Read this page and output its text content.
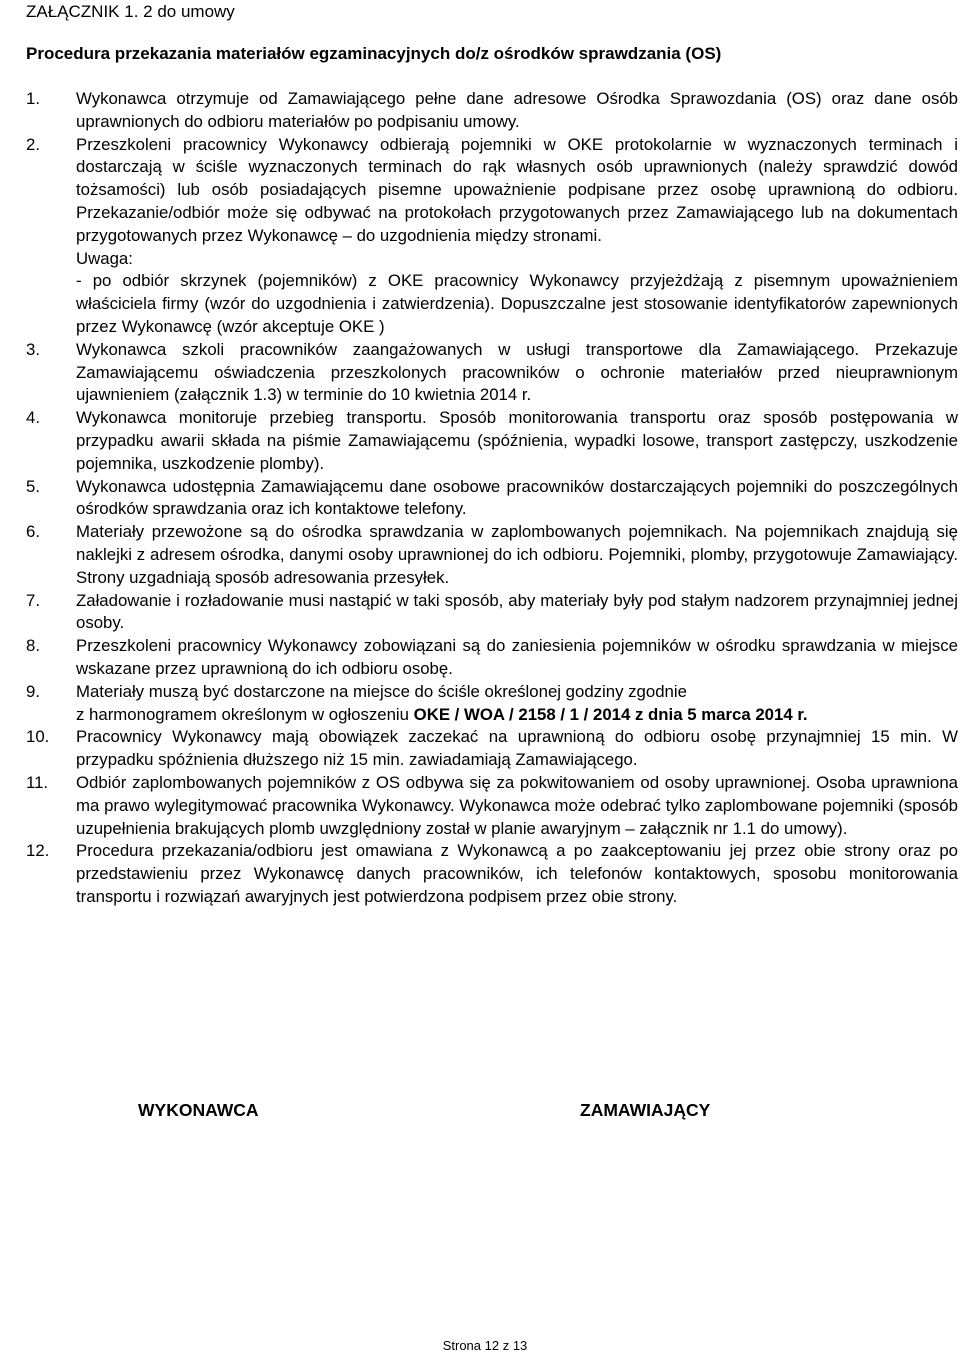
ZAŁĄCZNIK 1. 2 do umowy
Procedura przekazania materiałów egzaminacyjnych do/z ośrodków sprawdzania (OS)
1.	Wykonawca otrzymuje od Zamawiającego pełne dane adresowe Ośrodka Sprawozdania (OS) oraz dane osób uprawnionych do odbioru materiałów po podpisaniu umowy.

2.	Przeszkoleni pracownicy Wykonawcy odbierają pojemniki w OKE protokolarnie w wyznaczonych terminach i dostarczają w ściśle wyznaczonych terminach do rąk własnych osób uprawnionych (należy sprawdzić dowód tożsamości) lub osób posiadających pisemne upoważnienie podpisane przez osobę uprawnioną do odbioru. Przekazanie/odbiór może się odbywać na protokołach przygotowanych przez Zamawiającego lub na dokumentach przygotowanych przez Wykonawcę – do uzgodnienia między stronami.

Uwaga:

- po odbiór skrzynek (pojemników) z OKE pracownicy Wykonawcy przyjeżdżają z pisemnym upoważnieniem właściciela firmy (wzór do uzgodnienia i zatwierdzenia). Dopuszczalne jest stosowanie identyfikatorów zapewnionych przez Wykonawcę (wzór akceptuje OKE )

3.	Wykonawca szkoli pracowników zaangażowanych w usługi transportowe dla Zamawiającego. Przekazuje Zamawiającemu oświadczenia przeszkolonych pracowników o ochronie materiałów przed nieuprawnionym ujawnieniem (załącznik 1.3) w terminie do 10 kwietnia 2014 r.

4.	Wykonawca monitoruje przebieg transportu. Sposób monitorowania transportu oraz sposób postępowania w przypadku awarii składa na piśmie Zamawiającemu (spóźnienia, wypadki losowe, transport zastępczy, uszkodzenie pojemnika, uszkodzenie plomby).

5.	Wykonawca udostępnia Zamawiającemu dane osobowe pracowników dostarczających pojemniki do poszczególnych ośrodków sprawdzania oraz ich kontaktowe telefony.

6.	Materiały przewożone są do ośrodka sprawdzania w zaplombowanych pojemnikach. Na pojemnikach znajdują się naklejki z adresem ośrodka, danymi osoby uprawnionej do ich odbioru. Pojemniki, plomby, przygotowuje Zamawiający. Strony uzgadniają sposób adresowania przesyłek.

7.	Załadowanie i rozładowanie musi nastąpić w taki sposób, aby materiały były pod stałym nadzorem przynajmniej jednej osoby.

8.	Przeszkoleni pracownicy Wykonawcy zobowiązani są do zaniesienia pojemników w ośrodku sprawdzania w miejsce wskazane przez uprawnioną do ich odbioru osobę.

9.	Materiały muszą być dostarczone na miejsce do ściśle określonej godziny zgodnie

z harmonogramem określonym w ogłoszeniu OKE / WOA / 2158 / 1 / 2014 z dnia 5 marca 2014 r.

10.	Pracownicy Wykonawcy mają obowiązek zaczekać na uprawnioną do odbioru osobę przynajmniej 15 min. W przypadku spóźnienia dłuższego niż 15 min. zawiadamiają Zamawiającego.

11.	Odbiór zaplombowanych pojemników z OS odbywa się za pokwitowaniem od osoby uprawnionej. Osoba uprawniona ma prawo wylegitymować pracownika Wykonawcy. Wykonawca może odebrać tylko zaplombowane pojemniki (sposób uzupełnienia brakujących plomb uwzględniony został w planie awaryjnym – załącznik nr 1.1 do umowy).

12.	Procedura przekazania/odbioru jest omawiana z Wykonawcą a po zaakceptowaniu jej przez obie strony oraz po przedstawieniu przez Wykonawcę danych pracowników, ich telefonów kontaktowych, sposobu monitorowania transportu i rozwiązań awaryjnych jest potwierdzona podpisem przez obie strony.

WYKONAWCA	ZAMAWIAJĄCY
Strona 12 z 13
